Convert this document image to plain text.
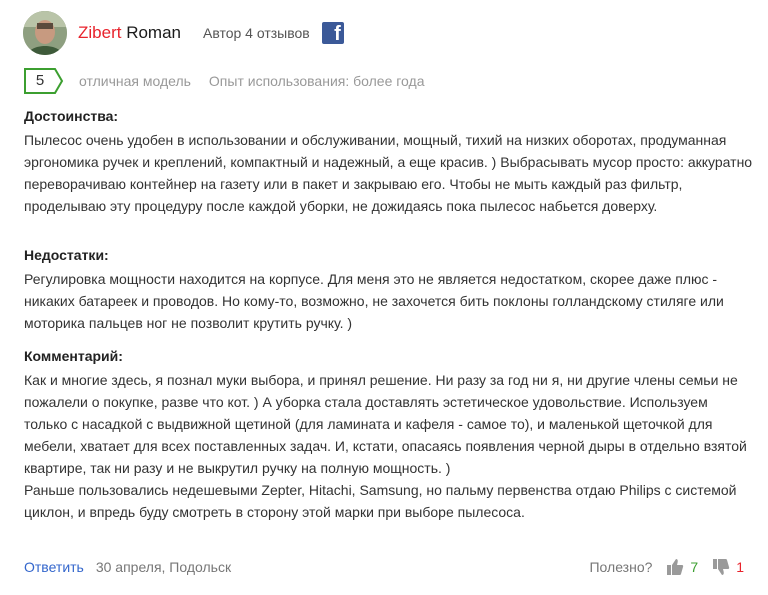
Zibert Roman Автор 4 отзывов f
5	отличная модель Опыт использования: более года
Достоинства:

Пылесос очень удобен в использовании и обслуживании, мощный, тихий на низких оборотах, продуманная эргономика ручек и креплений, компактный и надежный, а еще красив. ) Выбрасывать мусор просто: аккуратно переворачиваю контейнер на газету или в пакет и закрываю его. Чтобы не мыть каждый раз фильтр, проделываю эту процедуру после каждой уборки, не дожидаясь пока пылесос набьется доверху.

Недостатки:

Регулировка мощности находится на корпусе. Для меня это не является недостатком, скорее даже плюс - никаких батареек и проводов. Но кому-то, возможно, не захочется бить поклоны голландскому стиляге или моторика пальцев ног не позволит крутить ручку. )

Комментарий:

Как и многие здесь, я познал муки выбора, и принял решение. Ни разу за год ни я, ни другие члены семьи не пожалели о покупке, разве что кот. ) А уборка стала доставлять эстетическое удовольствие. Используем только с насадкой с выдвижной щетиной (для ламината и кафеля - самое то), и маленькой щеточкой для мебели, хватает для всех поставленных задач. И, кстати, опасаясь появления черной дыры в отдельно взятой квартире, так ни разу и не выкрутил ручку на полную мощность. )

Раньше пользовались недешевыми Zepter, Hitachi, Samsung, но пальму первенства отдаю Philips с системой циклон, и впредь буду смотреть в сторону этой марки при выборе пылесоса.

Ответить 30 апреля, Подольск	Полезно?	7	1
